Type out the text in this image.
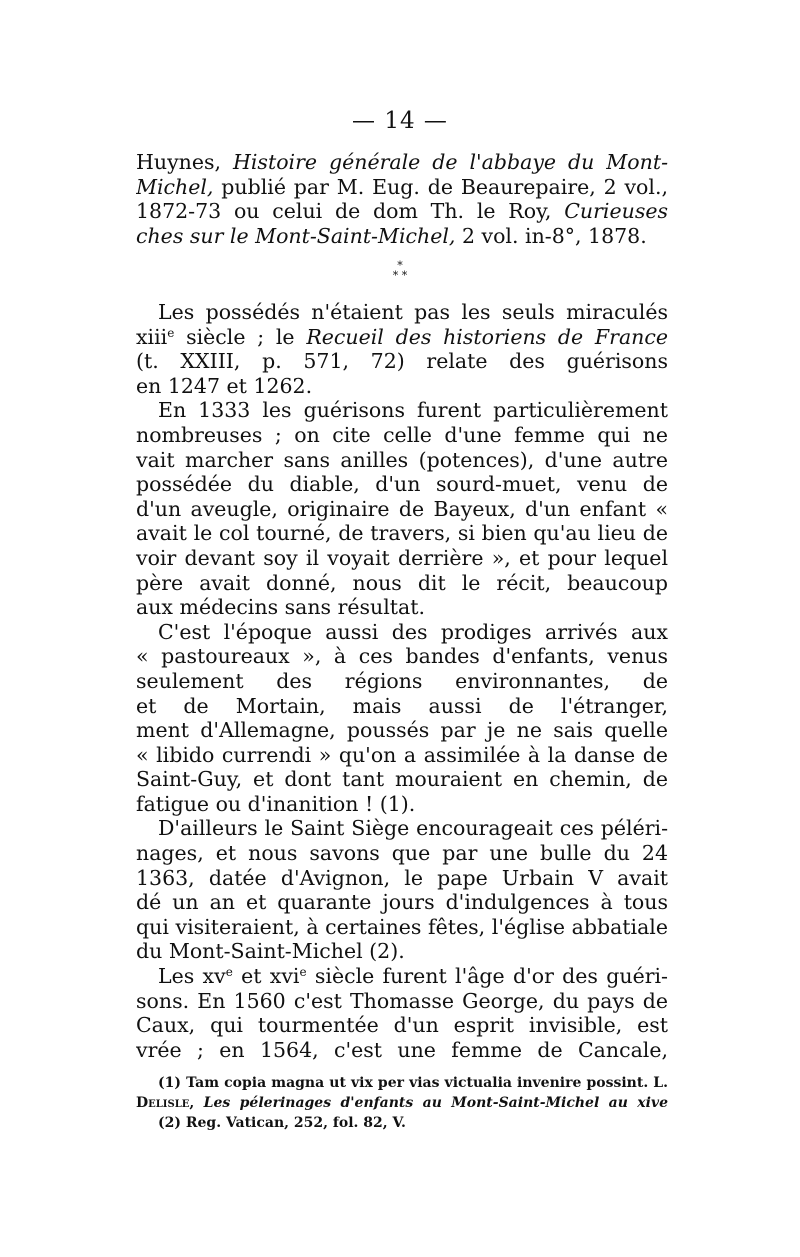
— 14 —
Huynes, Histoire générale de l'abbaye du Mont-
Michel, publié par M. Eug. de Beaurepaire, 2 vol.,
1872-73 ou celui de dom Th. le Roy, Curieuses
ches sur le Mont-Saint-Michel, 2 vol. in-8°, 1878.
*
* *
Les possédés n'étaient pas les seuls miraculés
xiii$^e$ siècle ; le Recueil des historiens de France
(t. XXIII, p. 571, 72) relate des guérisons
en 1247 et 1262.
En 1333 les guérisons furent particulièrement
nombreuses ; on cite celle d'une femme qui ne
vait marcher sans anilles (potences), d'une autre
possédée du diable, d'un sourd-muet, venu de
d'un aveugle, originaire de Bayeux, d'un enfant «
avait le col tourné, de travers, si bien qu'au lieu de
voir devant soy il voyait derrière », et pour lequel
père avait donné, nous dit le récit, beaucoup
aux médecins sans résultat.
C'est l'époque aussi des prodiges arrivés aux
« pastoureaux », à ces bandes d'enfants, venus
seulement des régions environnantes, de
et de Mortain, mais aussi de l'étranger,
ment d'Allemagne, poussés par je ne sais quelle
« libido currendi » qu'on a assimilée à la danse de
Saint-Guy, et dont tant mouraient en chemin, de
fatigue ou d'inanition ! (1).
D'ailleurs le Saint Siège encourageait ces péléri-
nages, et nous savons que par une bulle du 24
1363, datée d'Avignon, le pape Urbain V avait
dé un an et quarante jours d'indulgences à tous
qui visiteraient, à certaines fêtes, l'église abbatiale
du Mont-Saint-Michel (2).
Les $xv^e$ et xvi$^e$ siècle furent l'âge d'or des guéri-
sons. En 1560 c'est Thomasse George, du pays de
Caux, qui tourmentée d'un esprit invisible, est
vrée ; en 1564, c'est une femme de Cancale,
(1) Tam copia magna ut vix per vias victualia invenire possint. L.
Delisle, Les pélerinages d'enfants au Mont-Saint-Michel au xive
(2) Reg. Vatican, 252, fol. 82, V.
